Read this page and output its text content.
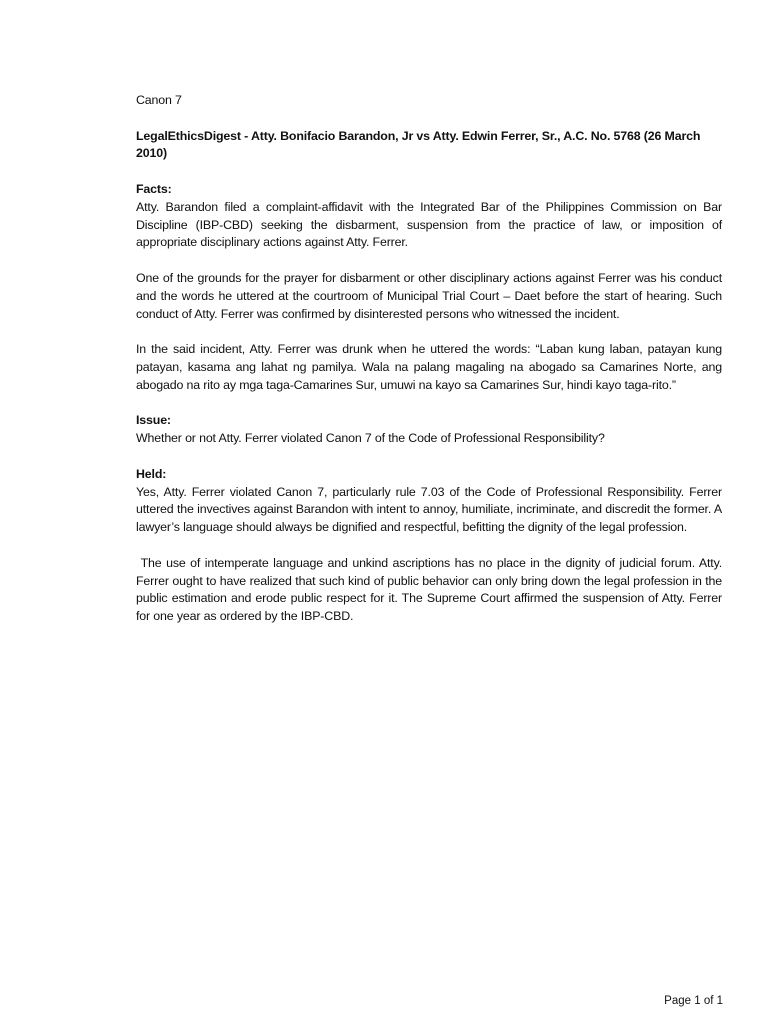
Canon 7

LegalEthicsDigest - Atty. Bonifacio Barandon, Jr vs Atty. Edwin Ferrer, Sr., A.C. No. 5768 (26 March 2010)

Facts:

Atty. Barandon filed a complaint-affidavit with the Integrated Bar of the Philippines Commission on Bar Discipline (IBP-CBD) seeking the disbarment, suspension from the practice of law, or imposition of appropriate disciplinary actions against Atty. Ferrer.

One of the grounds for the prayer for disbarment or other disciplinary actions against Ferrer was his conduct and the words he uttered at the courtroom of Municipal Trial Court – Daet before the start of hearing. Such conduct of Atty. Ferrer was confirmed by disinterested persons who witnessed the incident.

In the said incident, Atty. Ferrer was drunk when he uttered the words: “Laban kung laban, patayan kung patayan, kasama ang lahat ng pamilya. Wala na palang magaling na abogado sa Camarines Norte, ang abogado na rito ay mga taga-Camarines Sur, umuwi na kayo sa Camarines Sur, hindi kayo taga-rito.”

Issue:

Whether or not Atty. Ferrer violated Canon 7 of the Code of Professional Responsibility?

Held:

Yes, Atty. Ferrer violated Canon 7, particularly rule 7.03 of the Code of Professional Responsibility. Ferrer uttered the invectives against Barandon with intent to annoy, humiliate, incriminate, and discredit the former. A lawyer’s language should always be dignified and respectful, befitting the dignity of the legal profession.

The use of intemperate language and unkind ascriptions has no place in the dignity of judicial forum. Atty. Ferrer ought to have realized that such kind of public behavior can only bring down the legal profession in the public estimation and erode public respect for it. The Supreme Court affirmed the suspension of Atty. Ferrer for one year as ordered by the IBP-CBD.

Page 1 of 1
